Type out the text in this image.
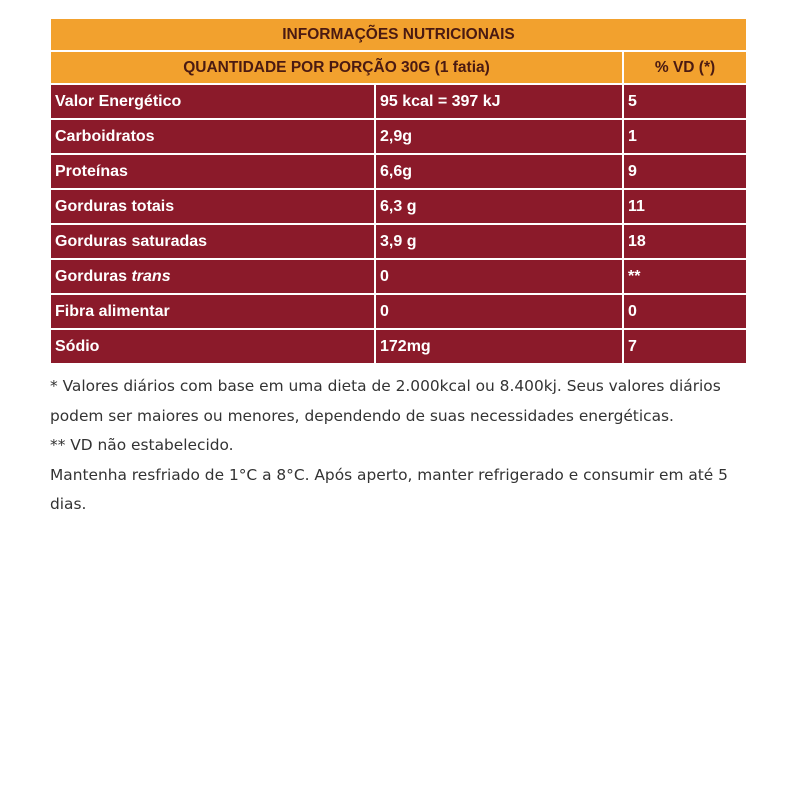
INFORMAÇÕES NUTRICIONAIS		
QUANTIDADE POR PORÇÃO 30G (1 fatia)		% VD (*)
Valor Energético	95 kcal = 397 kJ	5
Carboidratos	2,9g	1
Proteínas	6,6g	9
Gorduras totais	6,3 g	11
Gorduras saturadas	3,9 g	18
Gorduras trans	0	**
Fibra alimentar	0	0
Sódio	172mg	7

* Valores diários com base em uma dieta de 2.000kcal ou 8.400kj. Seus valores diários podem ser maiores ou menores, dependendo de suas necessidades energéticas.

** VD não estabelecido.

Mantenha resfriado de 1°C a 8°C. Após aperto, manter refrigerado e consumir em até 5 dias.
